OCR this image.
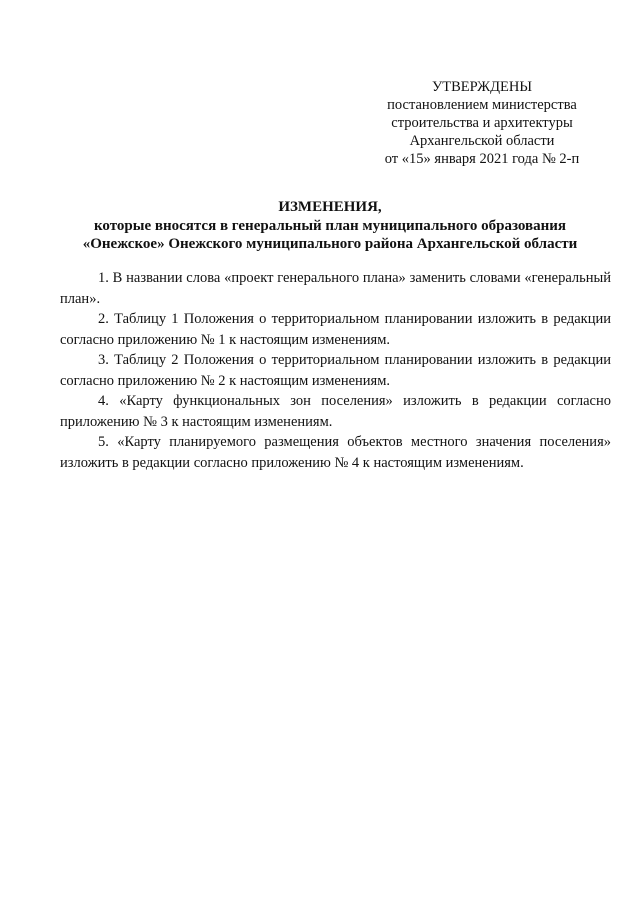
УТВЕРЖДЕНЫ
постановлением министерства
строительства и архитектуры
Архангельской области
от «15» января 2021 года № 2-п
ИЗМЕНЕНИЯ,
которые вносятся в генеральный план муниципального образования
«Онежское» Онежского муниципального района Архангельской области

1. В названии слова «проект генерального плана» заменить словами «генеральный план».

2. Таблицу 1 Положения о территориальном планировании изложить в редакции согласно приложению № 1 к настоящим изменениям.

3. Таблицу 2 Положения о территориальном планировании изложить в редакции согласно приложению № 2 к настоящим изменениям.

4. «Карту функциональных зон поселения» изложить в редакции согласно приложению № 3 к настоящим изменениям.

5. «Карту планируемого размещения объектов местного значения поселения» изложить в редакции согласно приложению № 4 к настоящим изменениям.
